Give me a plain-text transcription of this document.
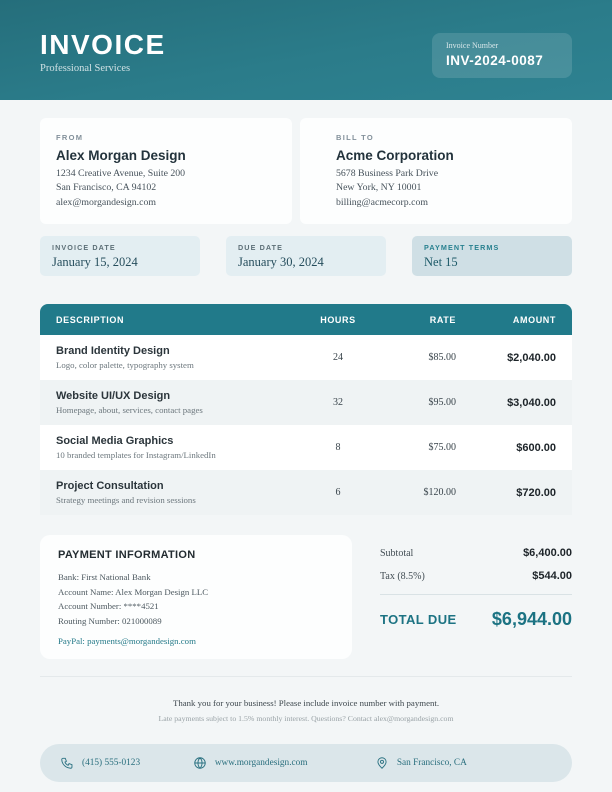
INVOICE
Professional Services
Invoice Number
INV-2024-0087
FROM
Alex Morgan Design
1234 Creative Avenue, Suite 200
San Francisco, CA 94102
alex@morgandesign.com
BILL TO
Acme Corporation
5678 Business Park Drive
New York, NY 10001
billing@acmecorp.com
INVOICE DATE
January 15, 2024
DUE DATE
January 30, 2024
PAYMENT TERMS
Net 15
DESCRIPTION	HOURS	RATE	AMOUNT
Brand Identity Design
Logo, color palette, typography system
24	$85.00	$2,040.00
Website UI/UX Design
Homepage, about, services, contact pages
32	$95.00	$3,040.00
Social Media Graphics
10 branded templates for Instagram/LinkedIn
8	$75.00	$600.00
Project Consultation
Strategy meetings and revision sessions
6	$120.00	$720.00
PAYMENT INFORMATION
Bank: First National Bank
Account Name: Alex Morgan Design LLC
Account Number: ****4521
Routing Number: 021000089
PayPal: payments@morgandesign.com
Subtotal	$6,400.00
Tax (8.5%)	$544.00
TOTAL DUE $6,944.00
Thank you for your business! Please include invoice number with payment.
Late payments subject to 1.5% monthly interest. Questions? Contact alex@morgandesign.com
(415) 555-0123	www.morgandesign.com	San Francisco, CA
